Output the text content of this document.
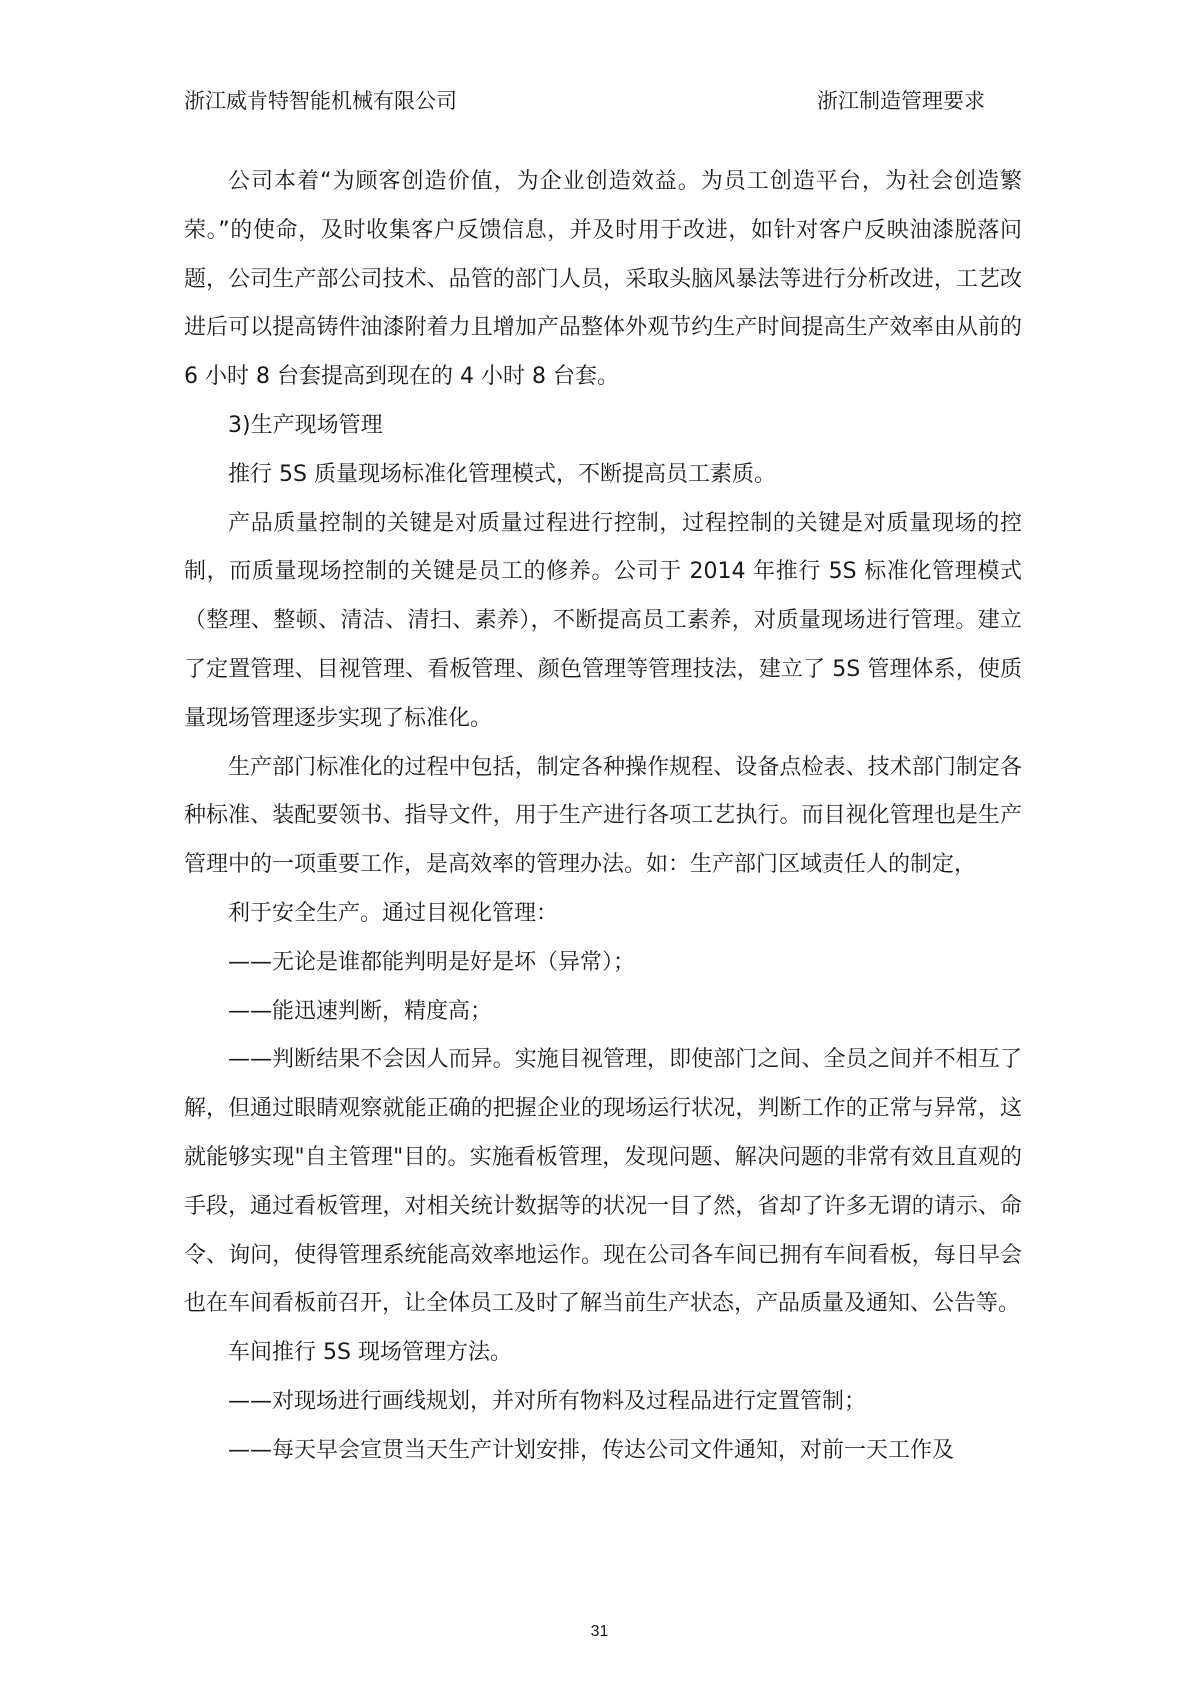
浙江威肯特智能机械有限公司	浙江制造管理要求

公司本着“为顾客创造价值，为企业创造效益。为员工创造平台，为社会创造繁荣。”的使命，及时收集客户反馈信息，并及时用于改进，如针对客户反映油漆脱落问题，公司生产部公司技术、品管的部门人员，采取头脑风暴法等进行分析改进，工艺改进后可以提高铸件油漆附着力且增加产品整体外观节约生产时间提高生产效率由从前的 6 小时 8 台套提高到现在的 4 小时 8 台套。

3)生产现场管理

推行 5S 质量现场标准化管理模式，不断提高员工素质。

产品质量控制的关键是对质量过程进行控制，过程控制的关键是对质量现场的控制，而质量现场控制的关键是员工的修养。公司于 2014 年推行 5S 标准化管理模式（整理、整顿、清洁、清扫、素养），不断提高员工素养，对质量现场进行管理。建立了定置管理、目视管理、看板管理、颜色管理等管理技法，建立了 5S 管理体系，使质量现场管理逐步实现了标准化。

生产部门标准化的过程中包括，制定各种操作规程、设备点检表、技术部门制定各种标准、装配要领书、指导文件，用于生产进行各项工艺执行。而目视化管理也是生产管理中的一项重要工作，是高效率的管理办法。如：生产部门区域责任人的制定，

利于安全生产。通过目视化管理：

——无论是谁都能判明是好是坏（异常）；

——能迅速判断，精度高；

——判断结果不会因人而异。实施目视管理，即使部门之间、全员之间并不相互了解，但通过眼睛观察就能正确的把握企业的现场运行状况，判断工作的正常与异常，这就能够实现"自主管理"目的。实施看板管理，发现问题、解决问题的非常有效且直观的手段，通过看板管理，对相关统计数据等的状况一目了然，省却了许多无谓的请示、命令、询问，使得管理系统能高效率地运作。现在公司各车间已拥有车间看板，每日早会也在车间看板前召开，让全体员工及时了解当前生产状态，产品质量及通知、公告等。

车间推行 5S 现场管理方法。

——对现场进行画线规划，并对所有物料及过程品进行定置管制；

——每天早会宣贯当天生产计划安排，传达公司文件通知，对前一天工作及

31
